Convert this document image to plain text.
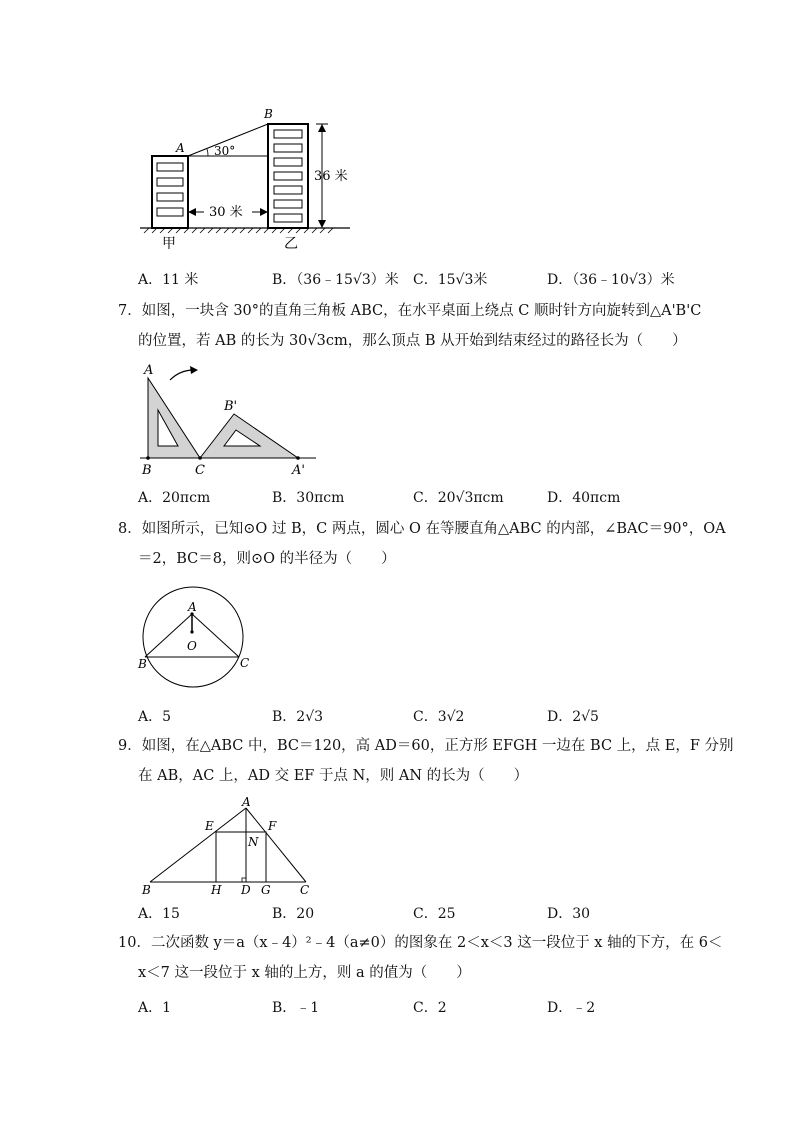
A
B
30°
36 米
30 米
甲	乙
A．11 米	B．（36﹣15√3）米 C．15√3米	D．（36﹣10√3）米
7．如图，一块含 30°的直角三角板 ABC，在水平桌面上绕点 C 顺时针方向旋转到△A'B'C
的位置，若 AB 的长为 30√3cm，那么顶点 B 从开始到结束经过的路径长为（　　）
A
B	C
B'
A'
A．20πcm	B．30πcm	C．20√3πcm	D．40πcm
8．如图所示，已知⊙O 过 B，C 两点，圆心 O 在等腰直角△ABC 的内部，∠BAC＝90°，OA
＝2，BC＝8，则⊙O 的半径为（　　）
A
O
B	C
A．5	B．2√3	C．3√2	D．2√5
9．如图，在△ABC 中，BC＝120，高 AD＝60，正方形 EFGH 一边在 BC 上，点 E，F 分别
在 AB，AC 上，AD 交 EF 于点 N，则 AN 的长为（　　）
A
E	F
N
B	H D G C
A．15	B．20	C．25	D．30
10．二次函数 y＝a（x﹣4）²﹣4（a≠0）的图象在 2＜x＜3 这一段位于 x 轴的下方，在 6＜
x＜7 这一段位于 x 轴的上方，则 a 的值为（　　）
A．1	B．﹣1	C．2	D．﹣2
